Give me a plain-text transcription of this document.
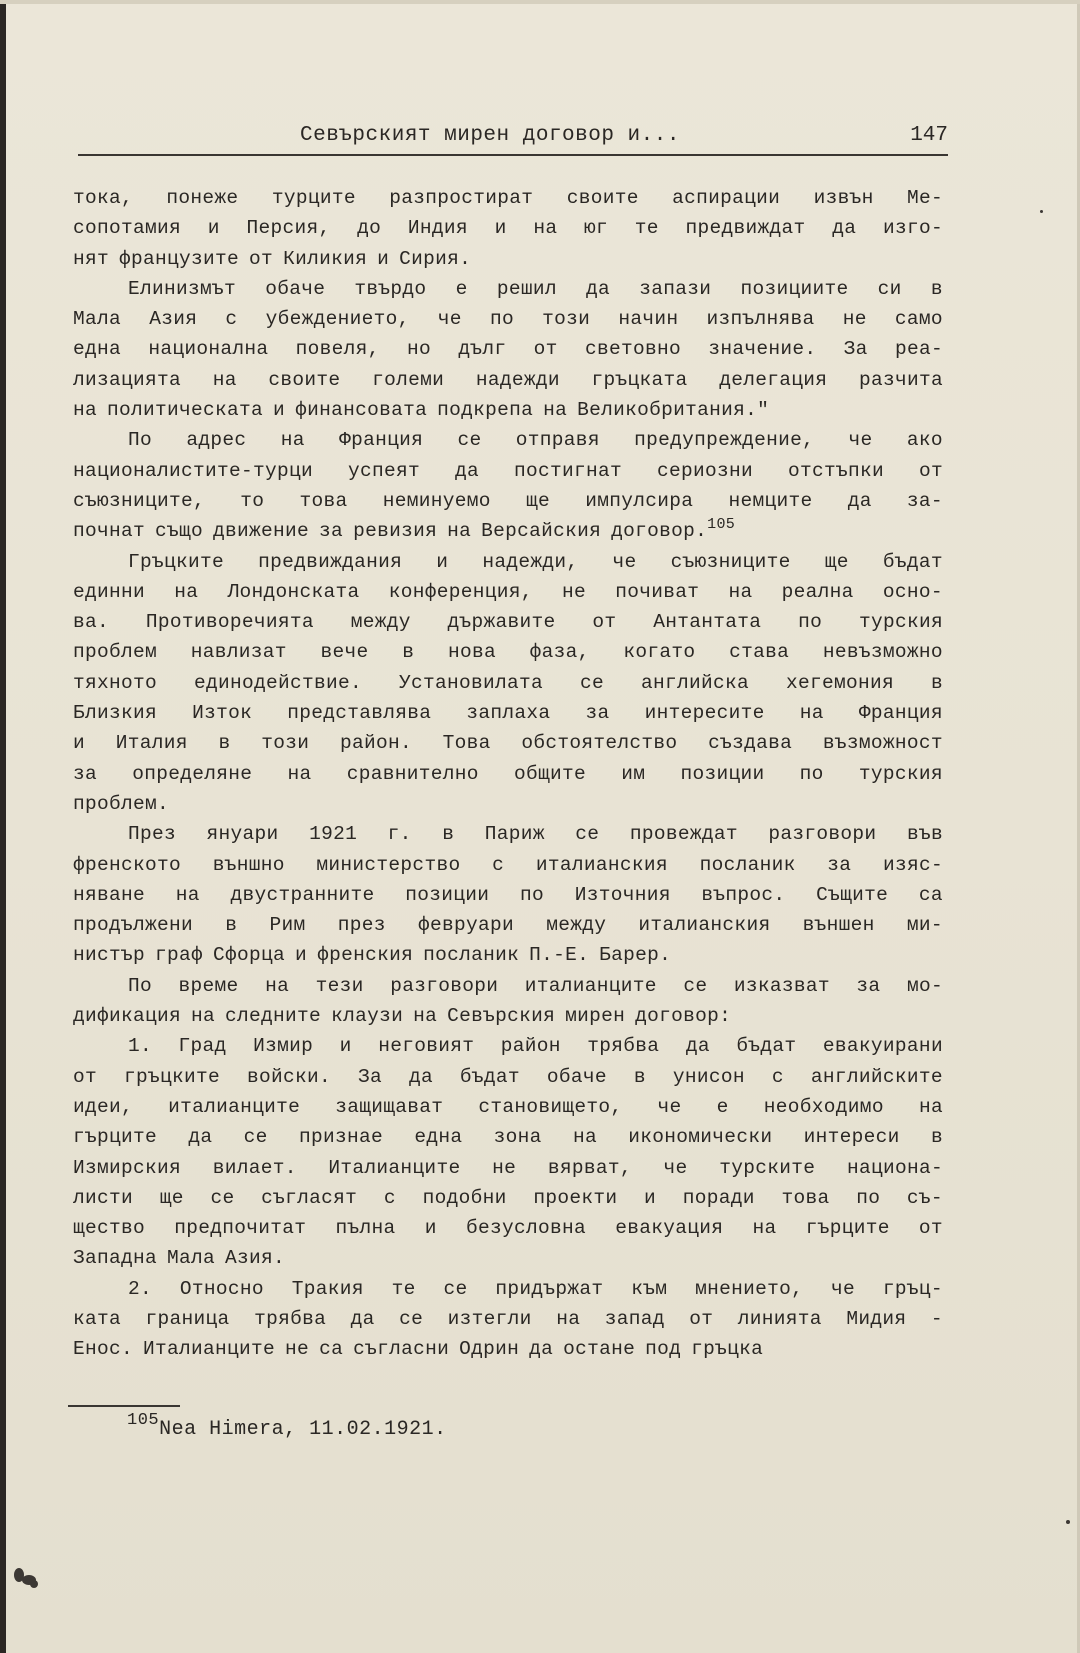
Севърският мирен договор и...	147
тока, понеже турците разпростират своите аспирации извън Ме-
сопотамия и Персия, до Индия и на юг те предвиждат да изго-
нят французите от Киликия и Сирия.
Елинизмът обаче твърдо е решил да запази позициите си в
Мала Азия с убеждението, че по този начин изпълнява не само
една национална повеля, но дълг от световно значение. За реа-
лизацията на своите големи надежди гръцката делегация разчита
на политическата и финансовата подкрепа на Великобритания."
По адрес на Франция се отправя предупреждение, че ако
националистите-турци успеят да постигнат сериозни отстъпки от
съюзниците, то това неминуемо ще импулсира немците да за-
почнат също движение за ревизия на Версайския договор.$^{105}$
Гръцките предвиждания и надежди, че съюзниците ще бъдат
единни на Лондонската конференция, не почиват на реална осно-
ва. Противоречията между държавите от Антантата по турския
проблем навлизат вече в нова фаза, когато става невъзможно
тяхното единодействие. Установилата се английска хегемония в
Близкия Изток представлява заплаха за интересите на Франция
и Италия в този район. Това обстоятелство създава възможност
за определяне на сравнително общите им позиции по турския
проблем.
През януари 1921 г. в Париж се провеждат разговори във
френското външно министерство с италианския посланик за изяс-
няване на двустранните позиции по Източния въпрос. Същите са
продължени в Рим през февруари между италианския външен ми-
нистър граф Сфорца и френския посланик П.-Е. Барер.
По време на тези разговори италианците се изказват за мо-
дификация на следните клаузи на Севърския мирен договор:
1. Град Измир и неговият район трябва да бъдат евакуирани
от гръцките войски. За да бъдат обаче в унисон с английските
идеи, италианците защищават становището, че е необходимо на
гърците да се признае една зона на икономически интереси в
Измирския вилает. Италианците не вярват, че турските национа-
листи ще се съгласят с подобни проекти и поради това по съ-
щество предпочитат пълна и безусловна евакуация на гърците от
Западна Мала Азия.
2. Относно Тракия те се придържат към мнението, че гръц-
ката граница трябва да се изтегли на запад от линията Мидия -
Енос. Италианците не са съгласни Одрин да остане под гръцка
$^{105}$Nea Himera, 11.02.1921.
